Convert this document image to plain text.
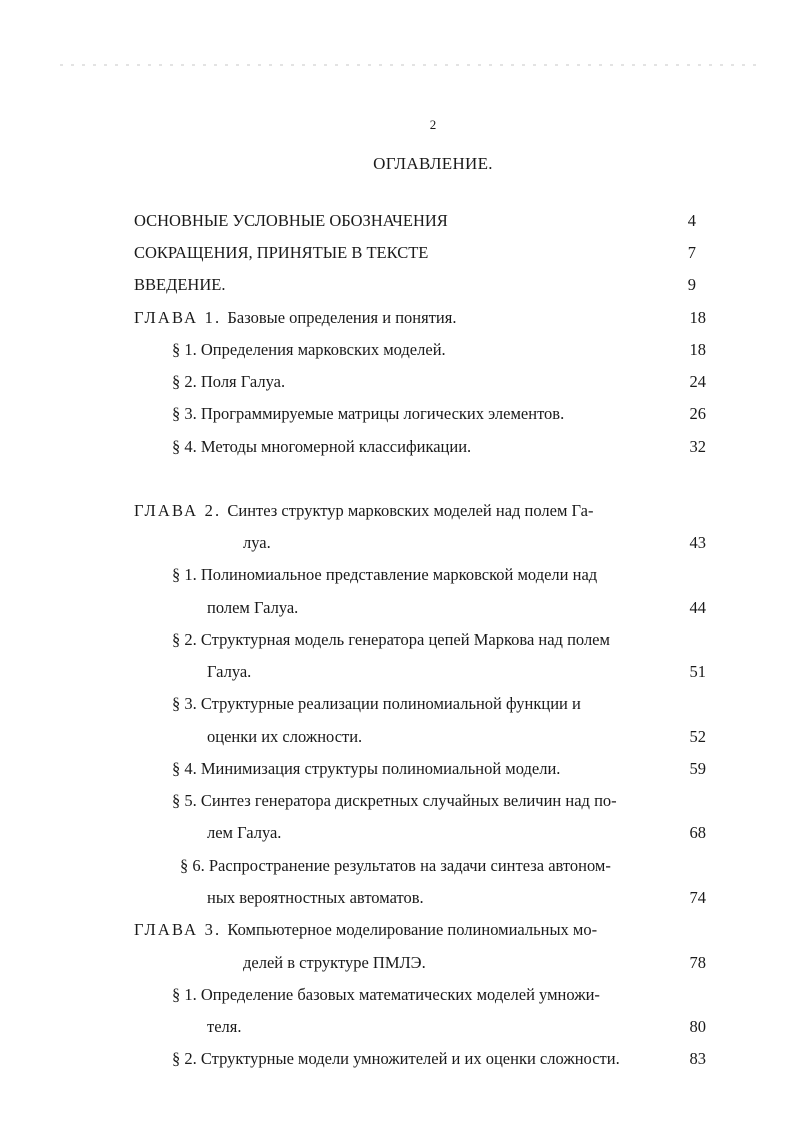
2
ОГЛАВЛЕНИЕ.
ОСНОВНЫЕ УСЛОВНЫЕ ОБОЗНАЧЕНИЯ	4
СОКРАЩЕНИЯ, ПРИНЯТЫЕ В ТЕКСТЕ	7
ВВЕДЕНИЕ.	9
ГЛАВА 1. Базовые определения и понятия.	18
§ 1. Определения марковских моделей.	18
§ 2. Поля Галуа.	24
§ 3. Программируемые матрицы логических элементов.	26
§ 4. Методы многомерной классификации.	32
ГЛАВА 2. Синтез структур марковских моделей над полем Га-
луа.	43
§ 1. Полиномиальное представление марковской модели над
полем Галуа.	44
§ 2. Структурная модель генератора цепей Маркова над полем
Галуа.	51
§ 3. Структурные реализации полиномиальной функции и
оценки их сложности.	52
§ 4. Минимизация структуры полиномиальной модели.	59
§ 5. Синтез генератора дискретных случайных величин над по-
лем Галуа.	68
§ 6. Распространение результатов на задачи синтеза автоном-
ных вероятностных автоматов.	74
ГЛАВА 3. Компьютерное моделирование полиномиальных мо-
делей в структуре ПМЛЭ.	78
§ 1. Определение базовых математических моделей умножи-
теля.	80
§ 2. Структурные модели умножителей и их оценки сложности.	83
